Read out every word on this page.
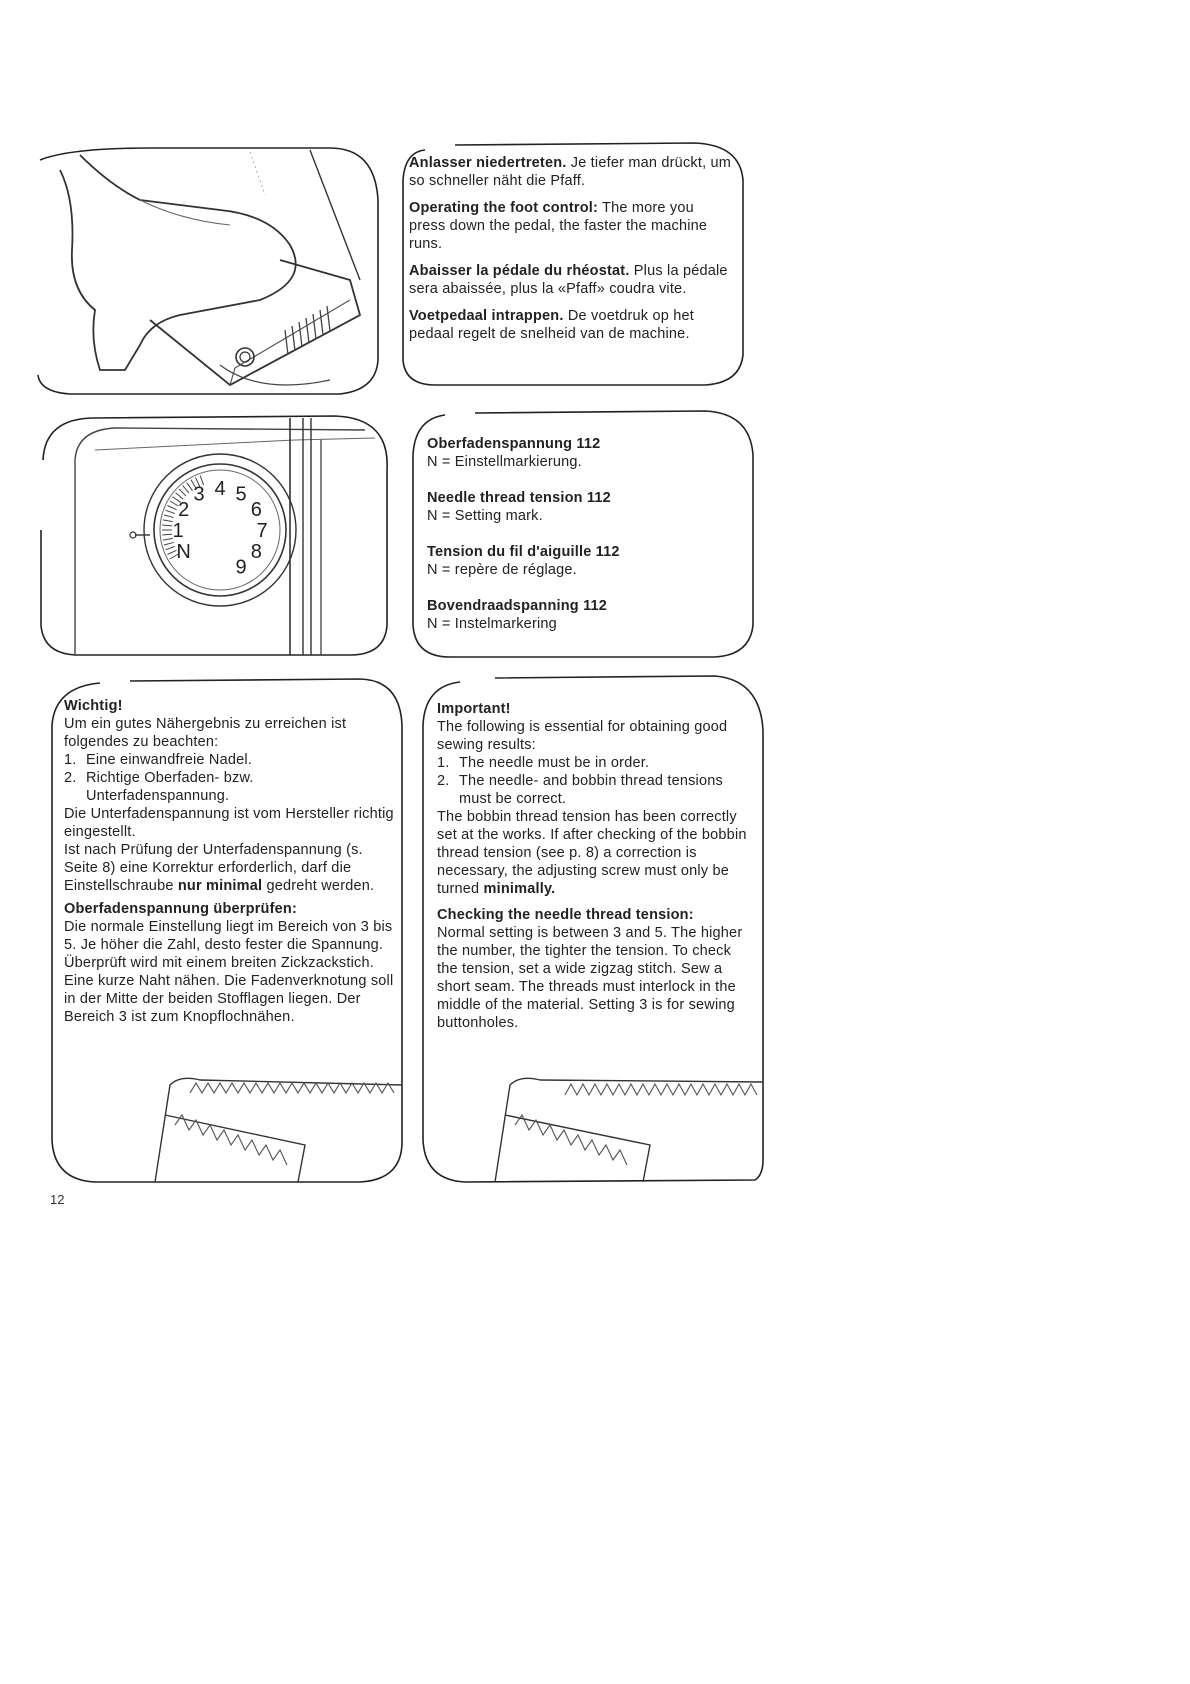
Anlasser niedertreten. Je tiefer man drückt, um so schneller näht die Pfaff.

Operating the foot control: The more you press down the pedal, the faster the machine runs.

Abaisser la pédale du rhéostat. Plus la pédale sera abaissée, plus la «Pfaff» coudra vite.

Voetpedaal intrappen. De voetdruk op het pedaal regelt de snelheid van de machine.

N
1
2
3 4 5
6
7
8
9
Oberfadenspannung 112
N = Einstellmarkierung.
Needle thread tension 112
N = Setting mark.
Tension du fil d'aiguille 112
N = repère de réglage.
Bovendraadspanning 112
N = Instelmarkering
Wichtig!
Um ein gutes Nähergebnis zu erreichen ist folgendes zu beachten:
1. Eine einwandfreie Nadel.
2. Richtige Oberfaden- bzw. Unterfadenspannung.
Die Unterfadenspannung ist vom Hersteller richtig eingestellt.
Ist nach Prüfung der Unterfadenspannung (s. Seite 8) eine Korrektur erforderlich, darf die Einstellschraube nur minimal gedreht werden.
Oberfadenspannung überprüfen:
Die normale Einstellung liegt im Bereich von 3 bis 5. Je höher die Zahl, desto fester die Spannung. Überprüft wird mit einem breiten Zickzackstich. Eine kurze Naht nähen. Die Fadenverknotung soll in der Mitte der beiden Stofflagen liegen. Der Bereich 3 ist zum Knopflochnähen.
Important!
The following is essential for obtaining good sewing results:
1. The needle must be in order.
2. The needle- and bobbin thread tensions must be correct.
The bobbin thread tension has been correctly set at the works. If after checking of the bobbin thread tension (see p. 8) a correction is necessary, the adjusting screw must only be turned minimally.
Checking the needle thread tension:
Normal setting is between 3 and 5. The higher the number, the tighter the tension. To check the tension, set a wide zigzag stitch. Sew a short seam. The threads must interlock in the middle of the material. Setting 3 is for sewing buttonholes.
12
